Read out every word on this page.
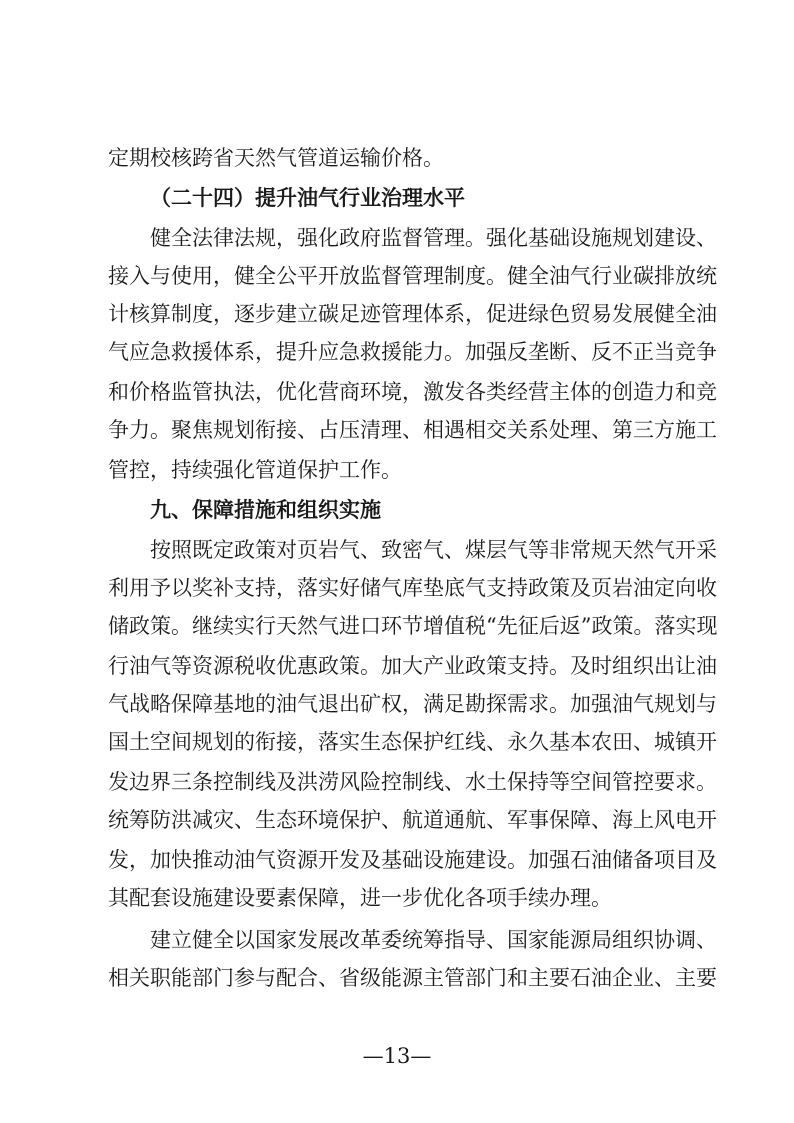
定期校核跨省天然气管道运输价格。
（二十四）提升油气行业治理水平
健全法律法规，强化政府监督管理。强化基础设施规划建设、
接入与使用，健全公平开放监督管理制度。健全油气行业碳排放统
计核算制度，逐步建立碳足迹管理体系，促进绿色贸易发展健全油
气应急救援体系，提升应急救援能力。加强反垄断、反不正当竞争
和价格监管执法，优化营商环境，激发各类经营主体的创造力和竞
争力。聚焦规划衔接、占压清理、相遇相交关系处理、第三方施工
管控，持续强化管道保护工作。
九、保障措施和组织实施
按照既定政策对页岩气、致密气、煤层气等非常规天然气开采
利用予以奖补支持，落实好储气库垫底气支持政策及页岩油定向收
储政策。继续实行天然气进口环节增值税“先征后返”政策。落实现
行油气等资源税收优惠政策。加大产业政策支持。及时组织出让油
气战略保障基地的油气退出矿权，满足勘探需求。加强油气规划与
国土空间规划的衔接，落实生态保护红线、永久基本农田、城镇开
发边界三条控制线及洪涝风险控制线、水土保持等空间管控要求。
统筹防洪减灾、生态环境保护、航道通航、军事保障、海上风电开
发，加快推动油气资源开发及基础设施建设。加强石油储备项目及
其配套设施建设要素保障，进一步优化各项手续办理。
建立健全以国家发展改革委统筹指导、国家能源局组织协调、
相关职能部门参与配合、省级能源主管部门和主要石油企业、主要
—13—
